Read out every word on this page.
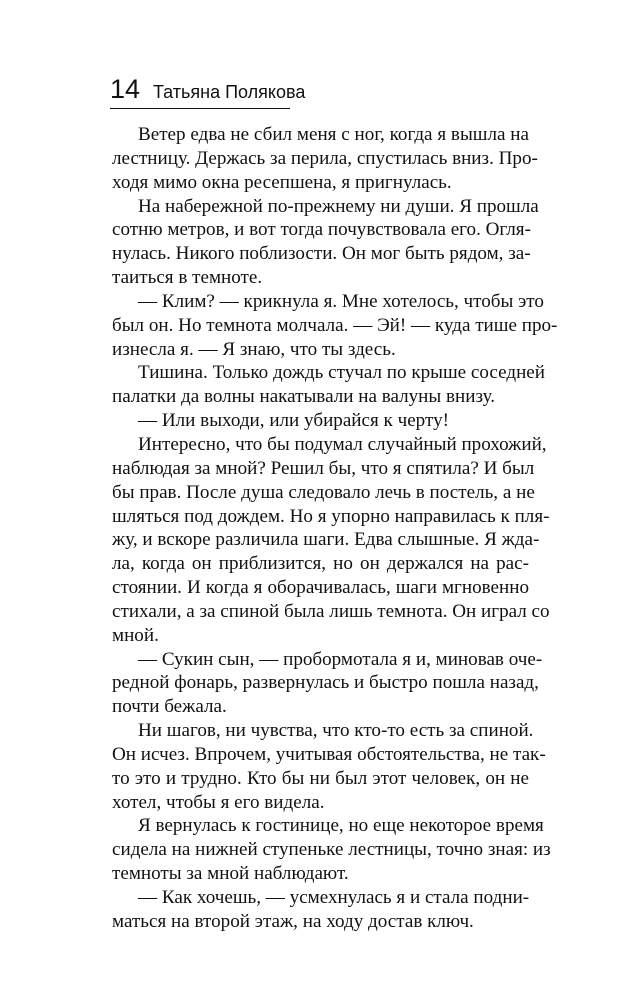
14 Татьяна Полякова
Ветер едва не сбил меня с ног, когда я вышла на
лестницу. Держась за перила, спустилась вниз. Про-
ходя мимо окна ресепшена, я пригнулась.
На набережной по-прежнему ни души. Я прошла
сотню метров, и вот тогда почувствовала его. Огля-
нулась. Никого поблизости. Он мог быть рядом, за-
таиться в темноте.
— Клим? — крикнула я. Мне хотелось, чтобы это
был он. Но темнота молчала. — Эй! — куда тише про-
изнесла я. — Я знаю, что ты здесь.
Тишина. Только дождь стучал по крыше соседней
палатки да волны накатывали на валуны внизу.
— Или выходи, или убирайся к черту!
Интересно, что бы подумал случайный прохожий,
наблюдая за мной? Решил бы, что я спятила? И был
бы прав. После душа следовало лечь в постель, а не
шляться под дождем. Но я упорно направилась к пля-
жу, и вскоре различила шаги. Едва слышные. Я жда-
ла, когда он приблизится, но он держался на рас-
стоянии. И когда я оборачивалась, шаги мгновенно
стихали, а за спиной была лишь темнота. Он играл со
мной.
— Сукин сын, — пробормотала я и, миновав оче-
редной фонарь, развернулась и быстро пошла назад,
почти бежала.
Ни шагов, ни чувства, что кто-то есть за спиной.
Он исчез. Впрочем, учитывая обстоятельства, не так-
то это и трудно. Кто бы ни был этот человек, он не
хотел, чтобы я его видела.
Я вернулась к гостинице, но еще некоторое время
сидела на нижней ступеньке лестницы, точно зная: из
темноты за мной наблюдают.
— Как хочешь, — усмехнулась я и стала подни-
маться на второй этаж, на ходу достав ключ.
